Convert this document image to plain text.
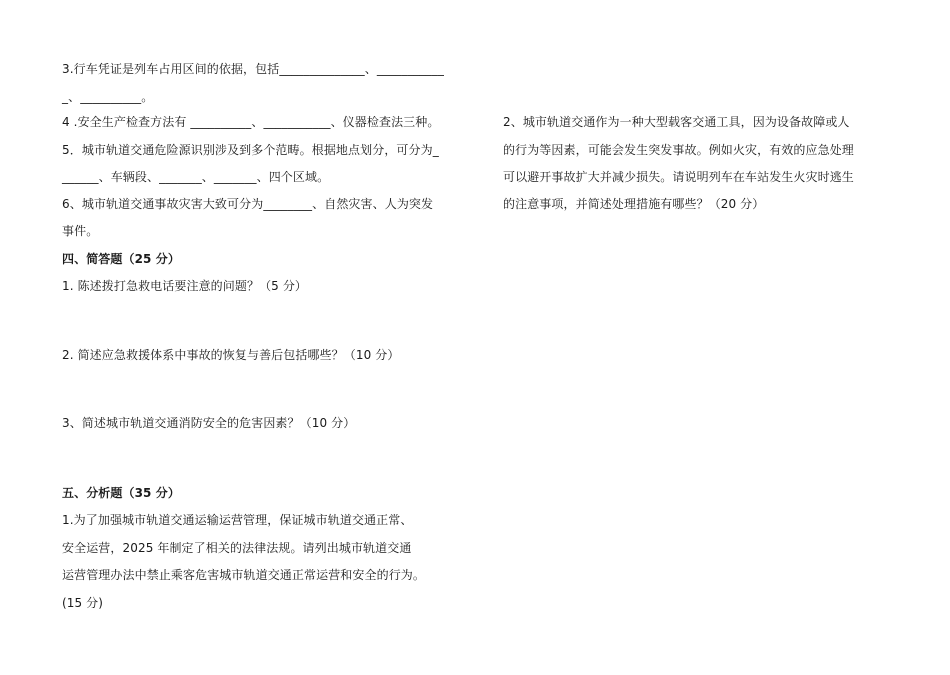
3.行车凭证是列车占用区间的依据，包括______________、___________
_、__________。
4 .安全生产检查方法有 __________、___________、仪器检查法三种。
5．城市轨道交通危险源识别涉及到多个范畴。根据地点划分，可分为_
______、车辆段、_______、_______、四个区域。
6、城市轨道交通事故灾害大致可分为________、自然灾害、人为突发
事件。
四、简答题（25 分）
1. 陈述拨打急救电话要注意的问题？（5 分）
2. 简述应急救援体系中事故的恢复与善后包括哪些？（10 分）
3、简述城市轨道交通消防安全的危害因素？（10 分）
五、分析题（35 分）
1.为了加强城市轨道交通运输运营管理，保证城市轨道交通正常、
安全运营，2025 年制定了相关的法律法规。请列出城市轨道交通
运营管理办法中禁止乘客危害城市轨道交通正常运营和安全的行为。
(15 分)
2、城市轨道交通作为一种大型载客交通工具，因为设备故障或人
的行为等因素，可能会发生突发事故。例如火灾，有效的应急处理
可以避开事故扩大并减少损失。请说明列车在车站发生火灾时逃生
的注意事项，并简述处理措施有哪些？（20 分）
